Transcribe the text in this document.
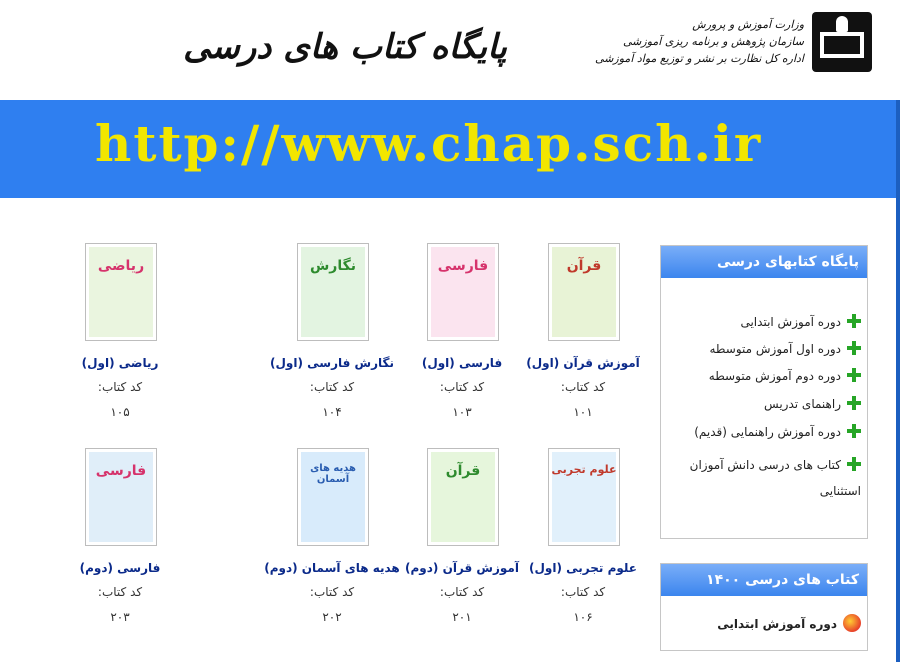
پایگاه کتاب های درسی
وزارت آموزش و پرورش
سازمان پژوهش و برنامه ریزی آموزشی
اداره کل نظارت بر نشر و توزیع مواد آموزشی
http://www.chap.sch.ir
قرآن
آموزش قرآن (اول)
کد کتاب:
۱۰۱
فارسی
فارسی (اول)
کد کتاب:
۱۰۳
نگارش
نگارش فارسی (اول)
کد کتاب:
۱۰۴
ریاضی
ریاضی (اول)
کد کتاب:
۱۰۵
علوم تجربی
علوم تجربی (اول)
کد کتاب:
۱۰۶
قرآن
آموزش قرآن (دوم)
کد کتاب:
۲۰۱
هدیه های آسمان
هدیه های آسمان (دوم)
کد کتاب:
۲۰۲
فارسی
فارسی (دوم)
کد کتاب:
۲۰۳
پایگاه کتابهای درسی
دوره آموزش ابتدایی
دوره اول آموزش متوسطه
دوره دوم آموزش متوسطه
راهنمای تدریس
دوره آموزش راهنمایی (قدیم)
کتاب های درسی دانش آموزان استثنایی
کتاب های درسی ۱۴۰۰
دوره آموزش ابتدایی
